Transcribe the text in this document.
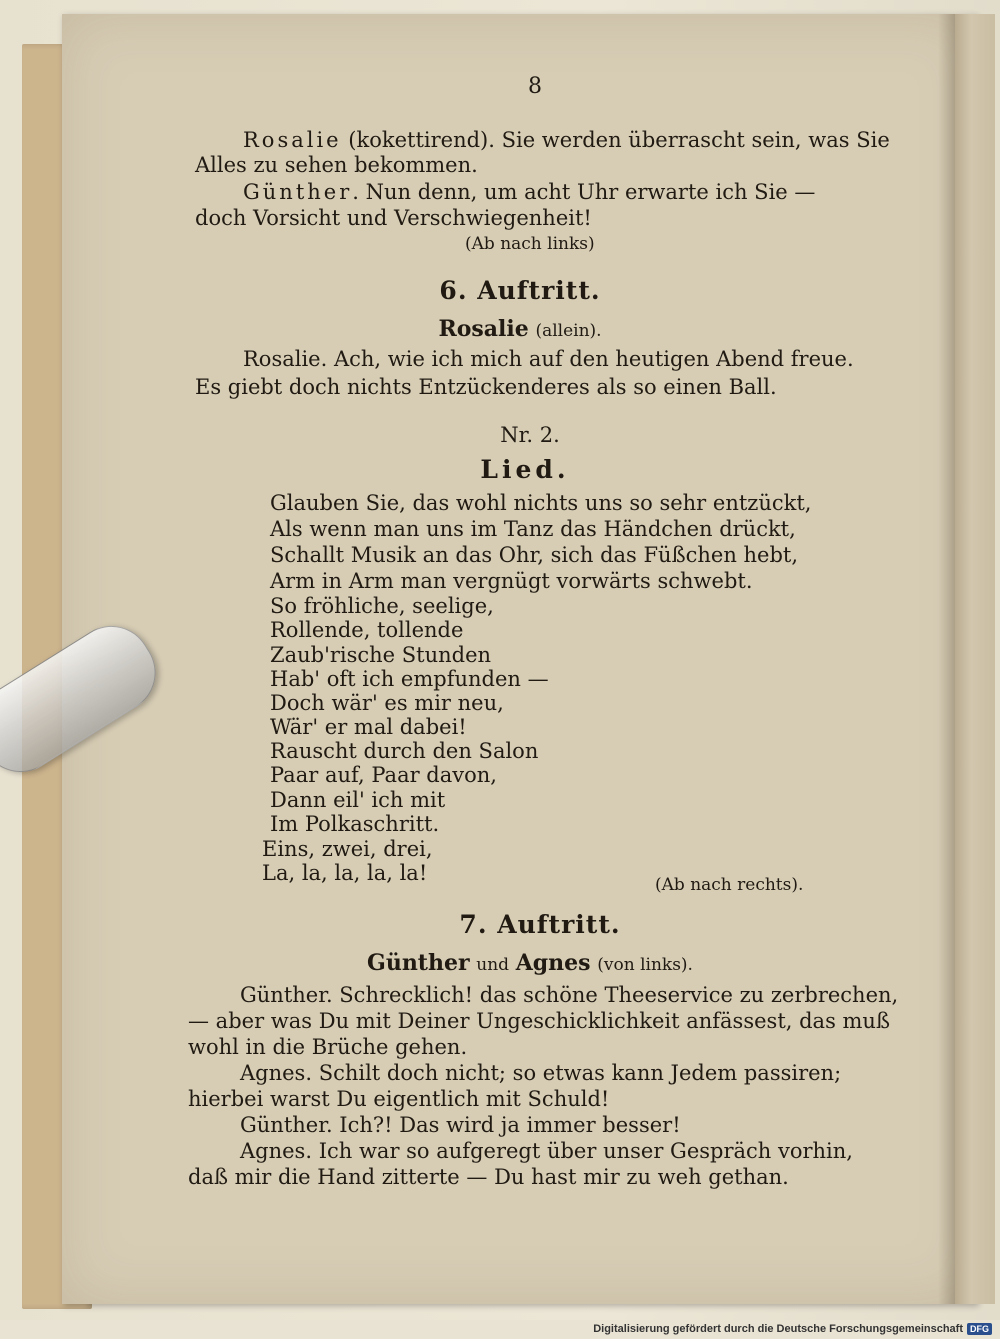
8
Rosalie (kokettirend). Sie werden überrascht sein, was Sie
Alles zu sehen bekommen.
Günther. Nun denn, um acht Uhr erwarte ich Sie —
doch Vorsicht und Verschwiegenheit!
(Ab nach links)
6. Auftritt.
Rosalie (allein).
Rosalie. Ach, wie ich mich auf den heutigen Abend freue.
Es giebt doch nichts Entzückenderes als so einen Ball.
Nr. 2.
Lied.
Glauben Sie, das wohl nichts uns so sehr entzückt,
Als wenn man uns im Tanz das Händchen drückt,
Schallt Musik an das Ohr, sich das Füßchen hebt,
Arm in Arm man vergnügt vorwärts schwebt.
So fröhliche, seelige,
Rollende, tollende
Zaub'rische Stunden
Hab' oft ich empfunden —
Doch wär' es mir neu,
Wär' er mal dabei!
Rauscht durch den Salon
Paar auf, Paar davon,
Dann eil' ich mit
Im Polkaschritt.
Eins, zwei, drei,
La, la, la, la, la!	(Ab nach rechts).
7. Auftritt.
Günther und Agnes (von links).
Günther. Schrecklich! das schöne Theeservice zu zerbrechen,
— aber was Du mit Deiner Ungeschicklichkeit anfässest, das muß
wohl in die Brüche gehen.
Agnes. Schilt doch nicht; so etwas kann Jedem passiren;
hierbei warst Du eigentlich mit Schuld!
Günther. Ich?! Das wird ja immer besser!
Agnes. Ich war so aufgeregt über unser Gespräch vorhin,
daß mir die Hand zitterte — Du hast mir zu weh gethan.
Digitalisierung gefördert durch die Deutsche Forschungsgemeinschaft DFG
